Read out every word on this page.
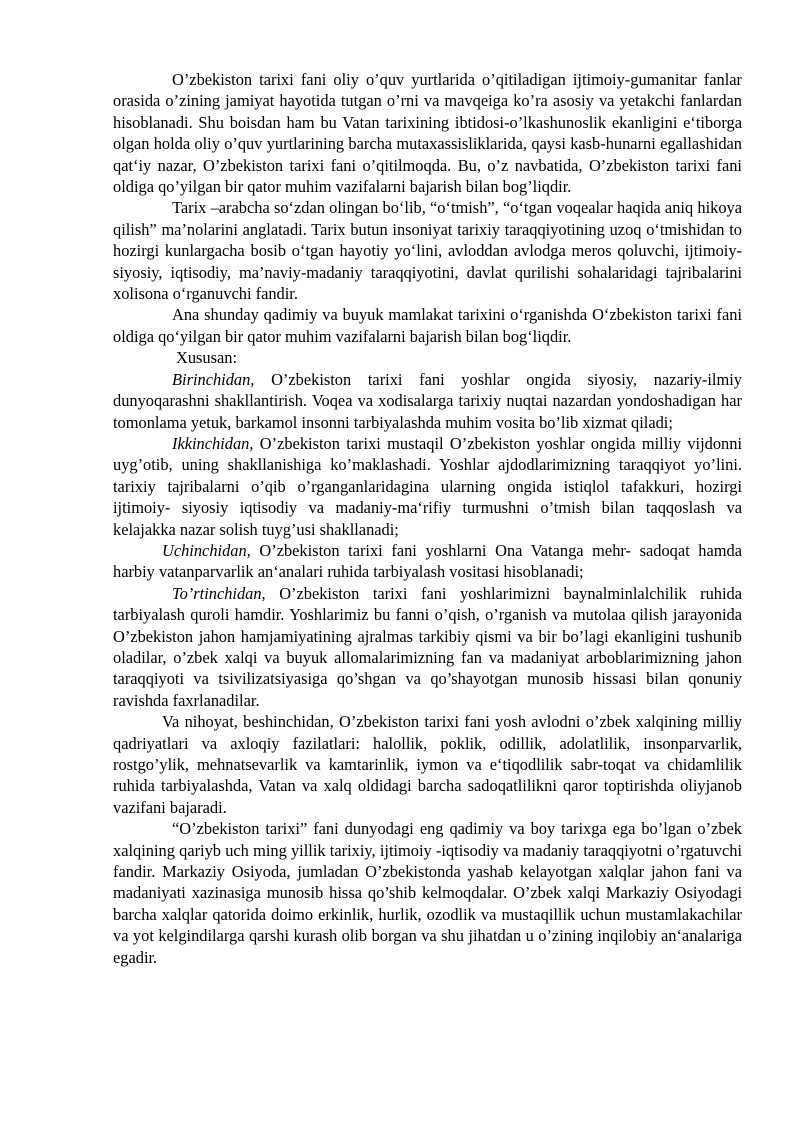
O’zbekiston tarixi fani oliy o’quv yurtlarida o’qitiladigan ijtimoiy-gumanitar fanlar orasida o’zining jamiyat hayotida tutgan o’rni va mavqeiga ko’ra asosiy va yetakchi fanlardan hisoblanadi. Shu boisdan ham bu Vatan tarixining ibtidosi-o’lkashunoslik ekanligini e‘tiborga olgan holda oliy o’quv yurtlarining barcha mutaxassisliklarida, qaysi kasb-hunarni egallashidan qat‘iy nazar, O’zbekiston tarixi fani o’qitilmoqda. Bu, o’z navbatida, O’zbekiston tarixi fani oldiga qo’yilgan bir qator muhim vazifalarni bajarish bilan bog’liqdir.

Tarix –arabcha so‘zdan olingan bo‘lib, “o‘tmish”, “o‘tgan voqealar haqida aniq hikoya qilish” ma’nolarini anglatadi. Tarix butun insoniyat tarixiy taraqqiyotining uzoq o‘tmishidan to hozirgi kunlargacha bosib o‘tgan hayotiy yo‘lini, avloddan avlodga meros qoluvchi, ijtimoiy-siyosiy, iqtisodiy, ma’naviy-madaniy taraqqiyotini, davlat qurilishi sohalaridagi tajribalarini xolisona o‘rganuvchi fandir.

Ana shunday qadimiy va buyuk mamlakat tarixini o‘rganishda O‘zbekiston tarixi fani oldiga qo‘yilgan bir qator muhim vazifalarni bajarish bilan bog‘liqdir.

Xususan:

Birinchidan, O’zbekiston tarixi fani yoshlar ongida siyosiy, nazariy-ilmiy dunyoqarashni shakllantirish. Voqea va xodisalarga tarixiy nuqtai nazardan yondoshadigan har tomonlama yetuk, barkamol insonni tarbiyalashda muhim vosita bo’lib xizmat qiladi;

Ikkinchidan, O’zbekiston tarixi mustaqil O’zbekiston yoshlar ongida milliy vijdonni uyg’otib, uning shakllanishiga ko’maklashadi. Yoshlar ajdodlarimizning taraqqiyot yo’lini. tarixiy tajribalarni o’qib o’rganganlaridagina ularning ongida istiqlol tafakkuri, hozirgi ijtimoiy- siyosiy iqtisodiy va madaniy-ma‘rifiy turmushni o’tmish bilan taqqoslash va kelajakka nazar solish tuyg’usi shakllanadi;

Uchinchidan, O’zbekiston tarixi fani yoshlarni Ona Vatanga mehr- sadoqat hamda harbiy vatanparvarlik an‘analari ruhida tarbiyalash vositasi hisoblanadi;

To’rtinchidan, O’zbekiston tarixi fani yoshlarimizni baynalminlalchilik ruhida tarbiyalash quroli hamdir. Yoshlarimiz bu fanni o’qish, o’rganish va mutolaa qilish jarayonida O’zbekiston jahon hamjamiyatining ajralmas tarkibiy qismi va bir bo’lagi ekanligini tushunib oladilar, o’zbek xalqi va buyuk allomalarimizning fan va madaniyat arboblarimizning jahon taraqqiyoti va tsivilizatsiyasiga qo’shgan va qo’shayotgan munosib hissasi bilan qonuniy ravishda faxrlanadilar.

Va nihoyat, beshinchidan, O’zbekiston tarixi fani yosh avlodni o’zbek xalqining milliy qadriyatlari va axloqiy fazilatlari: halollik, poklik, odillik, adolatlilik, insonparvarlik, rostgo’ylik, mehnatsevarlik va kamtarinlik, iymon va e‘tiqodlilik sabr-toqat va chidamlilik ruhida tarbiyalashda, Vatan va xalq oldidagi barcha sadoqatlilikni qaror toptirishda oliyjanob vazifani bajaradi.

“O’zbekiston tarixi” fani dunyodagi eng qadimiy va boy tarixga ega bo’lgan o’zbek xalqining qariyb uch ming yillik tarixiy, ijtimoiy -iqtisodiy va madaniy taraqqiyotni o’rgatuvchi fandir. Markaziy Osiyoda, jumladan O’zbekistonda yashab kelayotgan xalqlar jahon fani va madaniyati xazinasiga munosib hissa qo’shib kelmoqdalar. O’zbek xalqi Markaziy Osiyodagi barcha xalqlar qatorida doimo erkinlik, hurlik, ozodlik va mustaqillik uchun mustamlakachilar va yot kelgindilarga qarshi kurash olib borgan va shu jihatdan u o’zining inqilobiy an‘analariga egadir.
